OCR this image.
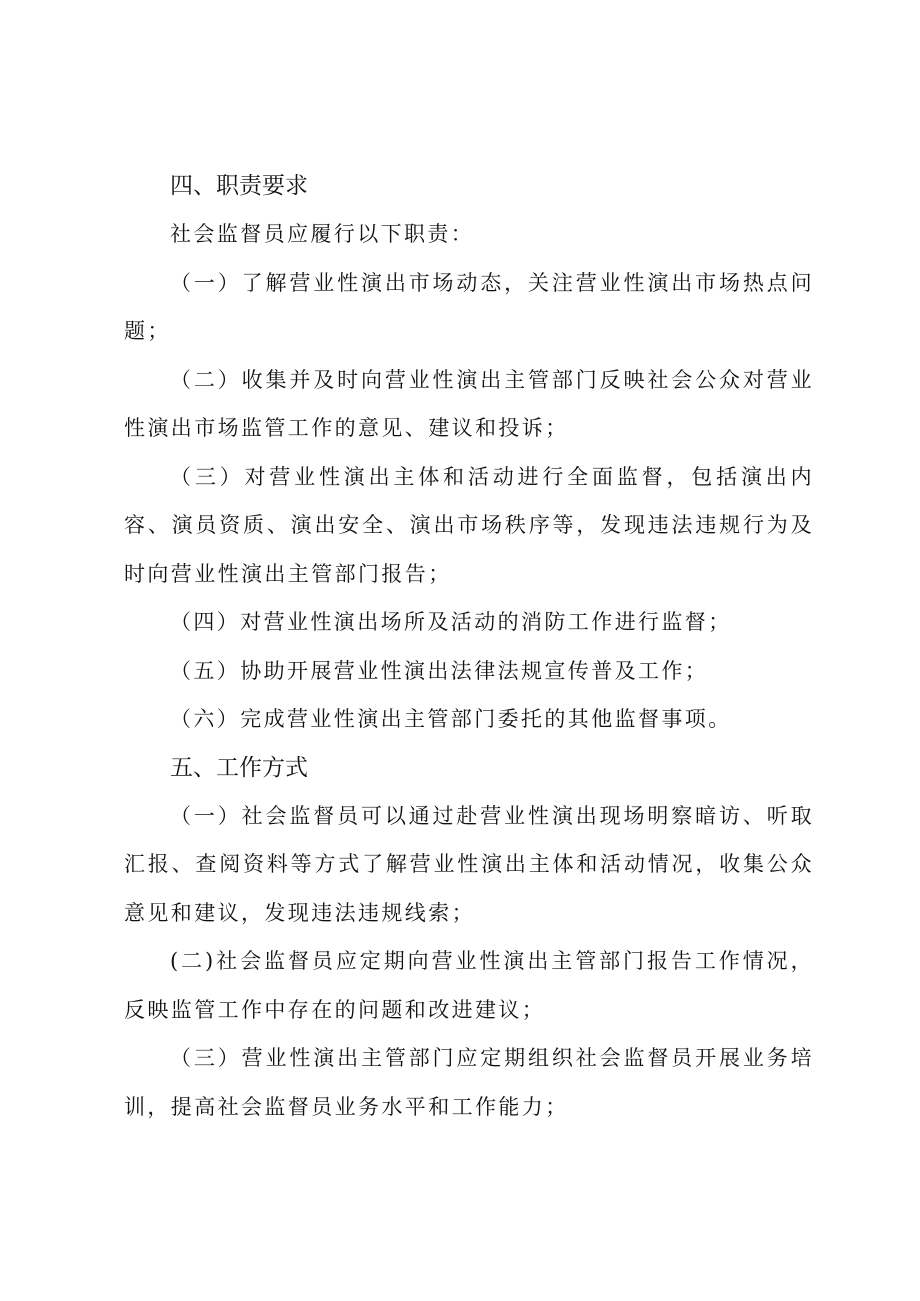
四、职责要求

社会监督员应履行以下职责：

（一）了解营业性演出市场动态，关注营业性演出市场热点问题；

（二）收集并及时向营业性演出主管部门反映社会公众对营业性演出市场监管工作的意见、建议和投诉；

（三）对营业性演出主体和活动进行全面监督，包括演出内容、演员资质、演出安全、演出市场秩序等，发现违法违规行为及时向营业性演出主管部门报告；

（四）对营业性演出场所及活动的消防工作进行监督；

（五）协助开展营业性演出法律法规宣传普及工作；

（六）完成营业性演出主管部门委托的其他监督事项。

五、工作方式

（一）社会监督员可以通过赴营业性演出现场明察暗访、听取汇报、查阅资料等方式了解营业性演出主体和活动情况，收集公众意见和建议，发现违法违规线索；

(二)社会监督员应定期向营业性演出主管部门报告工作情况，反映监管工作中存在的问题和改进建议；

（三）营业性演出主管部门应定期组织社会监督员开展业务培训，提高社会监督员业务水平和工作能力；
